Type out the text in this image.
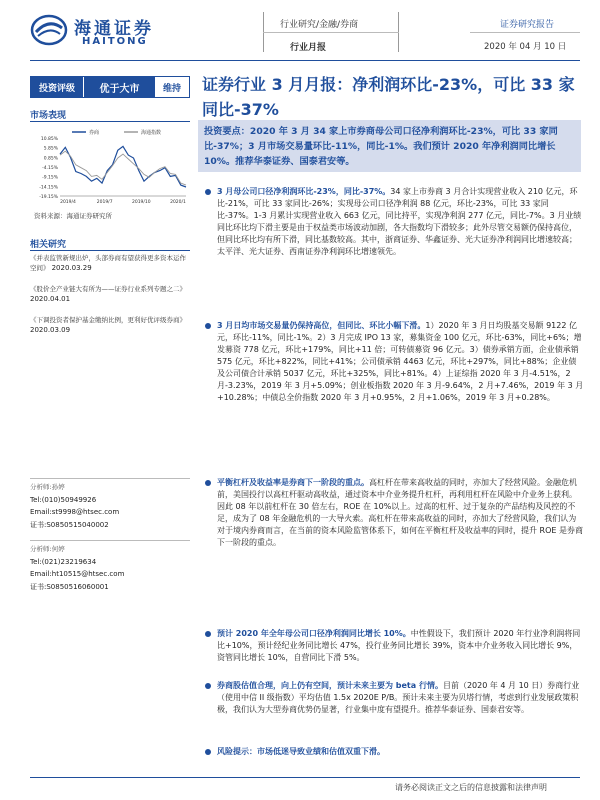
海通证券
HAITONG
行业研究/金融/券商
行业月报
证券研究报告
2020 年 04 月 10 日
投资评级	优于大市	维持
市场表现
10.85%
5.85%
0.85%
-4.15%
-9.15%
-14.15%
-19.15%
2019/4	2019/7	2019/10	2020/1
券商	海通指数
资料来源：海通证券研究所
相关研究
《并表监管新规出炉，头部券商有望获得更多资本运作空间》 2020.03.29
《股价全产业链大有所为——证券行业系列专题之二》 2020.04.01
《下调投资者保护基金缴纳比例，更利好优评级券商》 2020.03.09
分析师:孙婷
Tel:(010)50949926
Email:st9998@htsec.com
证书:S0850515040002
分析师:何婷
Tel:(021)23219634
Email:ht10515@htsec.com
证书:S0850516060001
证券行业 3 月月报：净利润环比-23%，可比 33 家同比-37%
投资要点：2020 年 3 月 34 家上市券商母公司口径净利润环比-23%，可比 33 家同比-37%；3 月市场交易量环比-11%，同比-1%。我们预计 2020 年净利润同比增长 10%。推荐华泰证券、国泰君安等。
3 月母公司口径净利润环比-23%，同比-37%。34 家上市券商 3 月合计实现营业收入 210 亿元，环比-21%，可比 33 家同比-26%；实现母公司口径净利润 88 亿元，环比-23%，可比 33 家同比-37%。1-3 月累计实现营业收入 663 亿元，同比持平，实现净利润 277 亿元，同比-7%。3 月业绩同比环比均下滑主要是由于权益类市场波动加剧，各大指数均下滑较多；此外尽管交易额仍保持高位，但同比环比均有所下滑，同比基数较高。其中，浙商证券、华鑫证券、光大证券净利润同比增速较高；太平洋、光大证券、西南证券净利润环比增速领先。
3 月日均市场交易量仍保持高位，但同比、环比小幅下滑。1）2020 年 3 月日均股基交易额 9122 亿元，环比-11%，同比-1%。2）3 月完成 IPO 13 家，募集资金 100 亿元，环比-63%，同比+6%；增发募资 778 亿元，环比+179%，同比+11 倍；可转债募资 96 亿元。3）债券承销方面，企业债承销 575 亿元，环比+822%，同比+41%；公司债承销 4463 亿元，环比+297%，同比+88%；企业债及公司债合计承销 5037 亿元，环比+325%，同比+81%。4）上证综指 2020 年 3 月-4.51%，2 月-3.23%，2019 年 3 月+5.09%；创业板指数 2020 年 3 月-9.64%，2 月+7.46%，2019 年 3 月+10.28%；中债总全价指数 2020 年 3 月+0.95%，2 月+1.06%，2019 年 3 月+0.28%。
平衡杠杆及收益率是券商下一阶段的重点。高杠杆在带来高收益的同时，亦加大了经营风险。金融危机前，美国投行以高杠杆驱动高收益，通过资本中介业务提升杠杆，再利用杠杆在风险中介业务上获利。因此 08 年以前杠杆在 30 倍左右，ROE 在 10%以上。过高的杠杆、过于复杂的产品结构及风控的不足，成为了 08 年金融危机的一大导火索。高杠杆在带来高收益的同时，亦加大了经营风险，我们认为对于境内券商而言，在当前的资本风险监管体系下，如何在平衡杠杆及收益率的同时，提升 ROE 是券商下一阶段的重点。
预计 2020 年全年母公司口径净利润同比增长 10%。中性假设下，我们预计 2020 年行业净利润将同比+10%，预计经纪业务同比增长 47%，投行业务同比增长 39%，资本中介业务收入同比增长 9%，资管同比增长 10%，自营同比下滑 5%。
券商股估值合理，向上仍有空间，预计未来主要为 beta 行情。目前（2020 年 4 月 10 日）券商行业（使用中信 II 级指数）平均估值 1.5x 2020E P/B。预计未来主要为贝塔行情，考虑到行业发展政策积极，我们认为大型券商优势仍显著，行业集中度有望提升。推荐华泰证券、国泰君安等。
风险提示：市场低迷导致业绩和估值双重下滑。
请务必阅读正文之后的信息披露和法律声明
